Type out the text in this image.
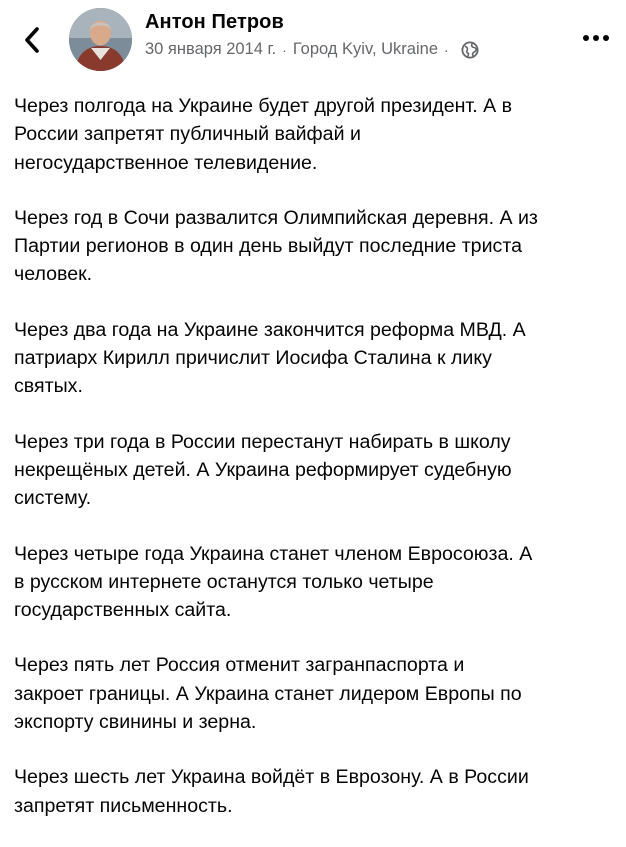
Антон Петров
30 января 2014 г. · Город Kyiv, Ukraine ·

Через полгода на Украине будет другой президент. А в
России запретят публичный вайфай и
негосударственное телевидение.

Через год в Сочи развалится Олимпийская деревня. А из
Партии регионов в один день выйдут последние триста
человек.

Через два года на Украине закончится реформа МВД. А
патриарх Кирилл причислит Иосифа Сталина к лику
святых.

Через три года в России перестанут набирать в школу
некрещёных детей. А Украина реформирует судебную
систему.

Через четыре года Украина станет членом Евросоюза. А
в русском интернете останутся только четыре
государственных сайта.

Через пять лет Россия отменит загранпаспорта и
закроет границы. А Украина станет лидером Европы по
экспорту свинины и зерна.

Через шесть лет Украина войдёт в Еврозону. А в России
запретят письменность.
